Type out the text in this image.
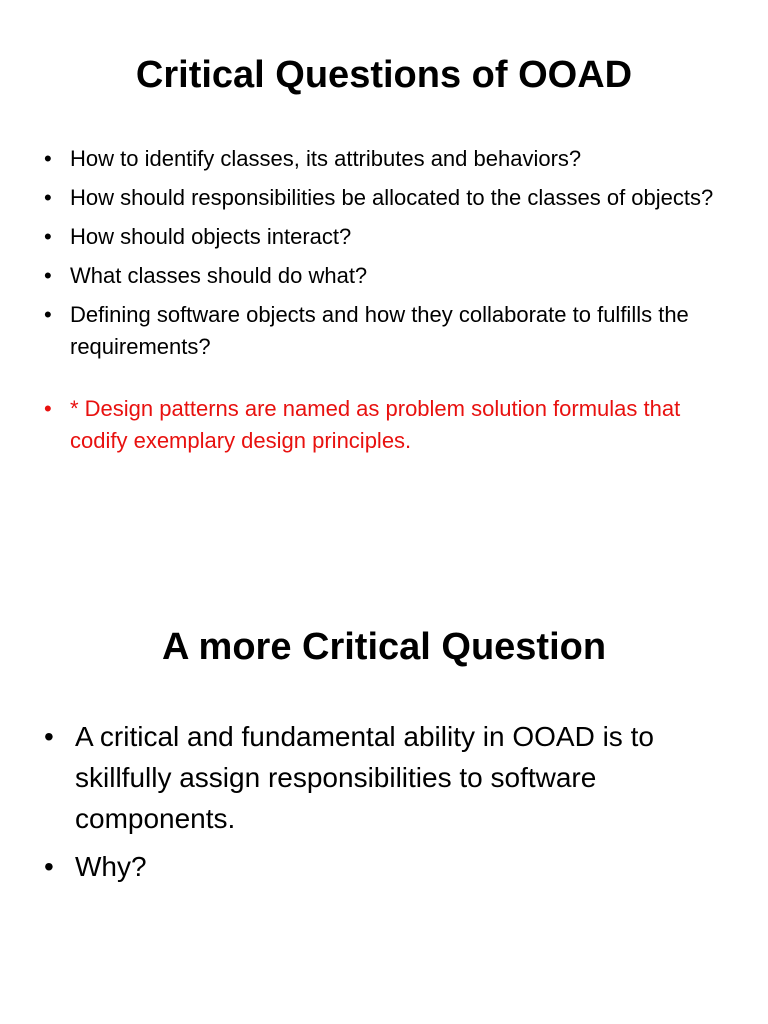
Critical Questions of OOAD
• How to identify classes, its attributes and behaviors?
• How should responsibilities be allocated to the classes of objects?
• How should objects interact?
• What classes should do what?
• Defining software objects and how they collaborate to fulfills the requirements?
• * Design patterns are named as problem solution formulas that codify exemplary design principles.
A more Critical Question
• A critical and fundamental ability in OOAD is to skillfully assign responsibilities to software components.
• Why?
